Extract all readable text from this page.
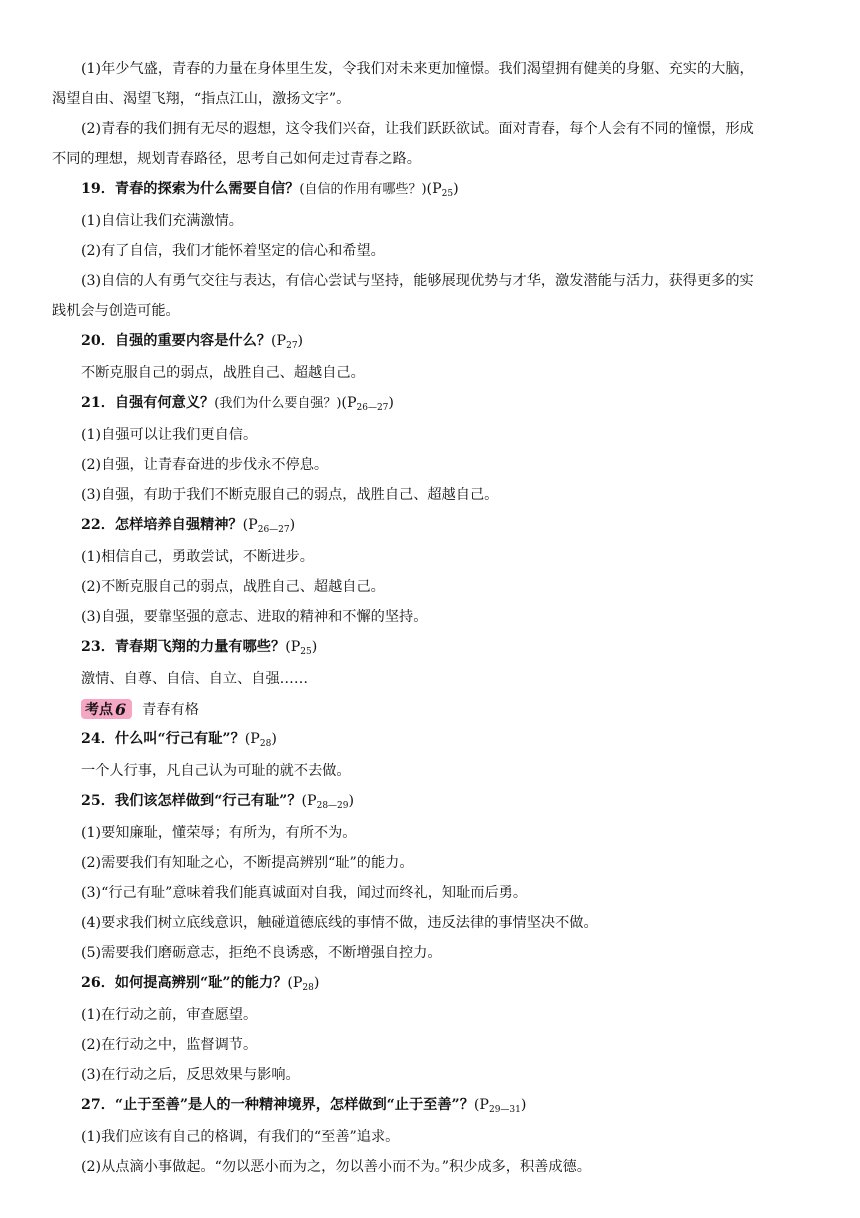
(1)年少气盛，青春的力量在身体里生发，令我们对未来更加憧憬。我们渴望拥有健美的身躯、充实的大脑，

渴望自由、渴望飞翔，“指点江山，激扬文字”。

(2)青春的我们拥有无尽的遐想，这令我们兴奋，让我们跃跃欲试。面对青春，每个人会有不同的憧憬，形成

不同的理想，规划青春路径，思考自己如何走过青春之路。

19．青春的探索为什么需要自信？(自信的作用有哪些？)$(P_{25})$

(1)自信让我们充满激情。

(2)有了自信，我们才能怀着坚定的信心和希望。

(3)自信的人有勇气交往与表达，有信心尝试与坚持，能够展现优势与才华，激发潜能与活力，获得更多的实

践机会与创造可能。

20．自强的重要内容是什么？$(P_{27})$

不断克服自己的弱点，战胜自己、超越自己。

21．自强有何意义？(我们为什么要自强？)$(P_{26—27})$

(1)自强可以让我们更自信。

(2)自强，让青春奋进的步伐永不停息。

(3)自强，有助于我们不断克服自己的弱点，战胜自己、超越自己。

22．怎样培养自强精神？$(P_{26—27})$

(1)相信自己，勇敢尝试，不断进步。

(2)不断克服自己的弱点，战胜自己、超越自己。

(3)自强，要靠坚强的意志、进取的精神和不懈的坚持。

23．青春期飞翔的力量有哪些？$(P_{25})$

激情、自尊、自信、自立、自强……

考点 6 青春有格

24．什么叫“行己有耻”？$(P_{28})$

一个人行事，凡自己认为可耻的就不去做。

25．我们该怎样做到“行己有耻”？$(P_{28—29})$

(1)要知廉耻，懂荣辱；有所为，有所不为。

(2)需要我们有知耻之心，不断提高辨别“耻”的能力。

(3)“行己有耻”意味着我们能真诚面对自我，闻过而终礼，知耻而后勇。

(4)要求我们树立底线意识，触碰道德底线的事情不做，违反法律的事情坚决不做。

(5)需要我们磨砺意志，拒绝不良诱惑，不断增强自控力。

26．如何提高辨别“耻”的能力？$(P_{28})$

(1)在行动之前，审查愿望。

(2)在行动之中，监督调节。

(3)在行动之后，反思效果与影响。

27．“止于至善”是人的一种精神境界，怎样做到“止于至善”？$(P_{29—31})$

(1)我们应该有自己的格调，有我们的“至善”追求。

(2)从点滴小事做起。“勿以恶小而为之，勿以善小而不为。”积少成多，积善成德。
